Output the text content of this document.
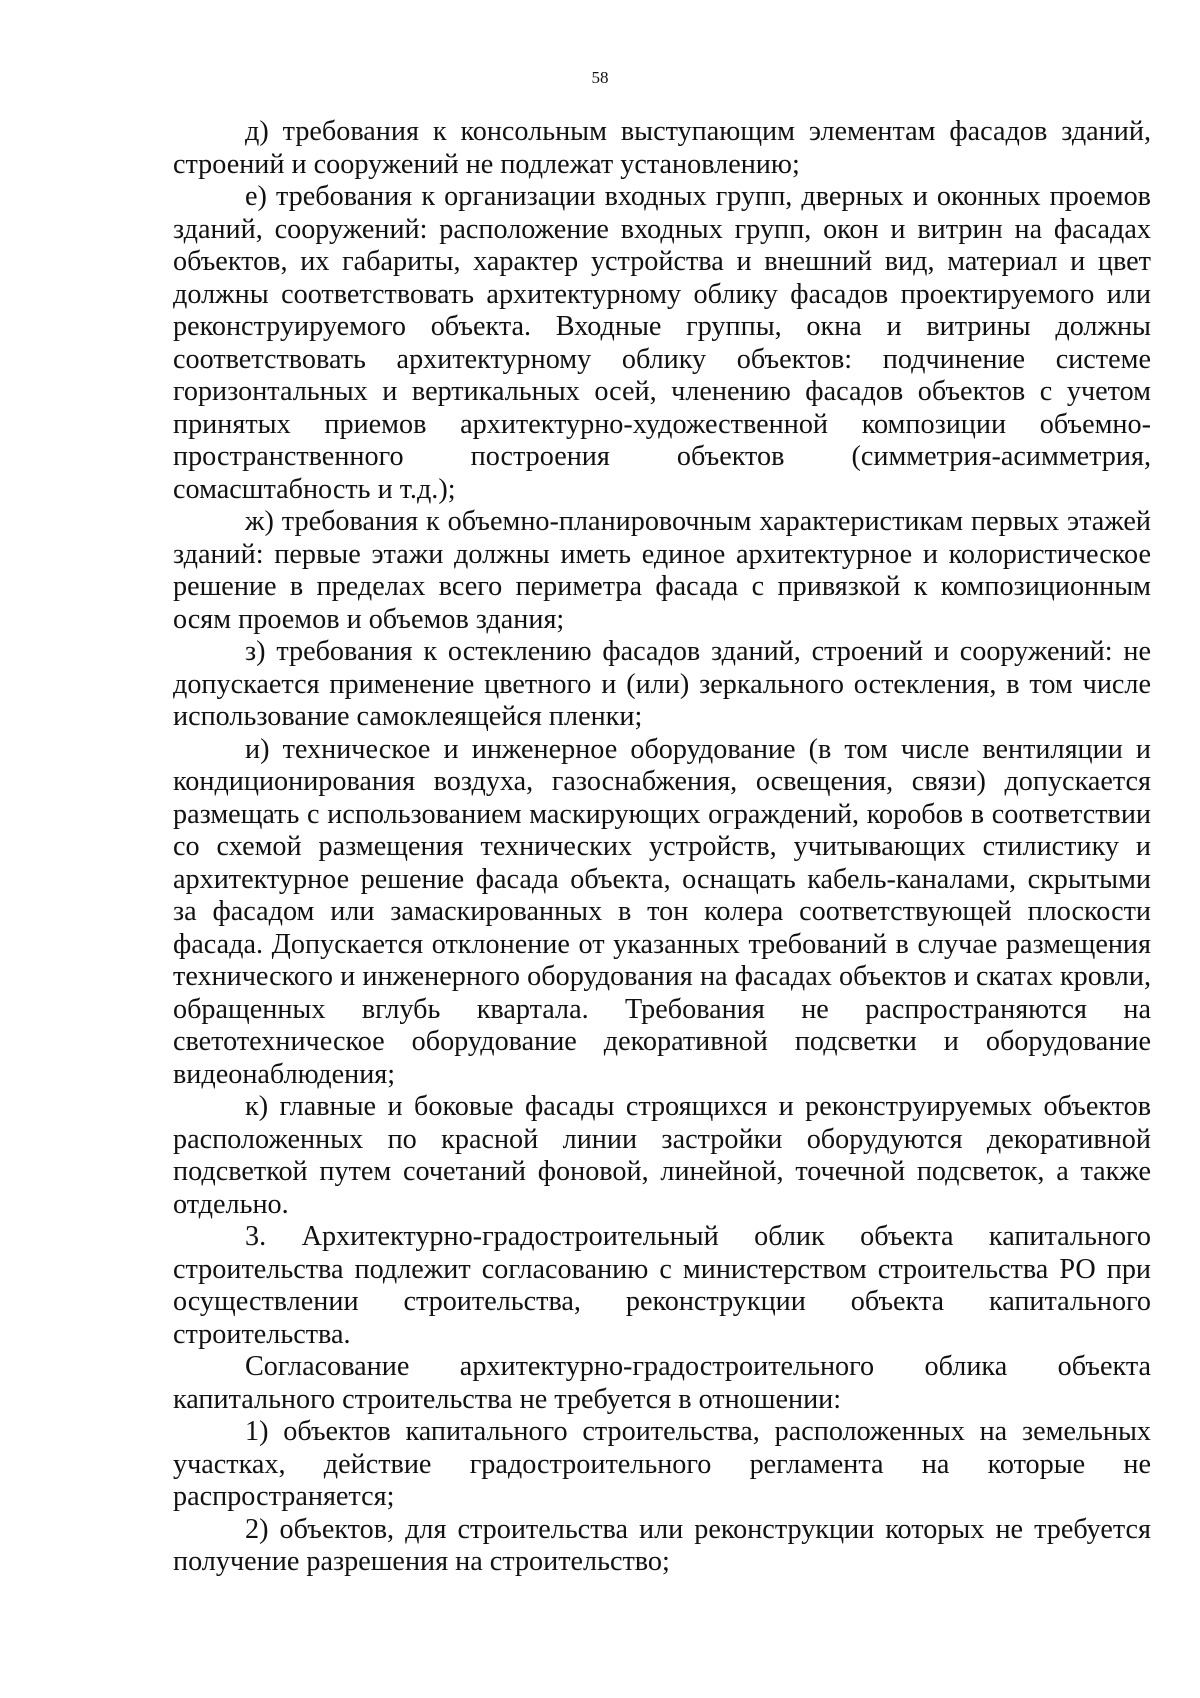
58

д) требования к консольным выступающим элементам фасадов зданий, строений и сооружений не подлежат установлению;

е) требования к организации входных групп, дверных и оконных проемов зданий, сооружений: расположение входных групп, окон и витрин на фасадах объектов, их габариты, характер устройства и внешний вид, материал и цвет должны соответствовать архитектурному облику фасадов проектируемого или реконструируемого объекта. Входные группы, окна и витрины должны соответствовать архитектурному облику объектов: подчинение системе горизонтальных и вертикальных осей, членению фасадов объектов с учетом принятых приемов архитектурно-художественной композиции объемно-пространственного построения объектов (симметрия-асимметрия, сомасштабность и т.д.);

ж) требования к объемно-планировочным характеристикам первых этажей зданий: первые этажи должны иметь единое архитектурное и колористическое решение в пределах всего периметра фасада с привязкой к композиционным осям проемов и объемов здания;

з) требования к остеклению фасадов зданий, строений и сооружений: не допускается применение цветного и (или) зеркального остекления, в том числе использование самоклеящейся пленки;

и) техническое и инженерное оборудование (в том числе вентиляции и кондиционирования воздуха, газоснабжения, освещения, связи) допускается размещать с использованием маскирующих ограждений, коробов в соответствии со схемой размещения технических устройств, учитывающих стилистику и архитектурное решение фасада объекта, оснащать кабель-каналами, скрытыми за фасадом или замаскированных в тон колера соответствующей плоскости фасада. Допускается отклонение от указанных требований в случае размещения технического и инженерного оборудования на фасадах объектов и скатах кровли, обращенных вглубь квартала. Требования не распространяются на светотехническое оборудование декоративной подсветки и оборудование видеонаблюдения;

к) главные и боковые фасады строящихся и реконструируемых объектов расположенных по красной линии застройки оборудуются декоративной подсветкой путем сочетаний фоновой, линейной, точечной подсветок, а также отдельно.

3. Архитектурно-градостроительный облик объекта капитального строительства подлежит согласованию с министерством строительства РО при осуществлении строительства, реконструкции объекта капитального строительства.

Согласование архитектурно-градостроительного облика объекта капитального строительства не требуется в отношении:

1) объектов капитального строительства, расположенных на земельных участках, действие градостроительного регламента на которые не распространяется;

2) объектов, для строительства или реконструкции которых не требуется получение разрешения на строительство;
